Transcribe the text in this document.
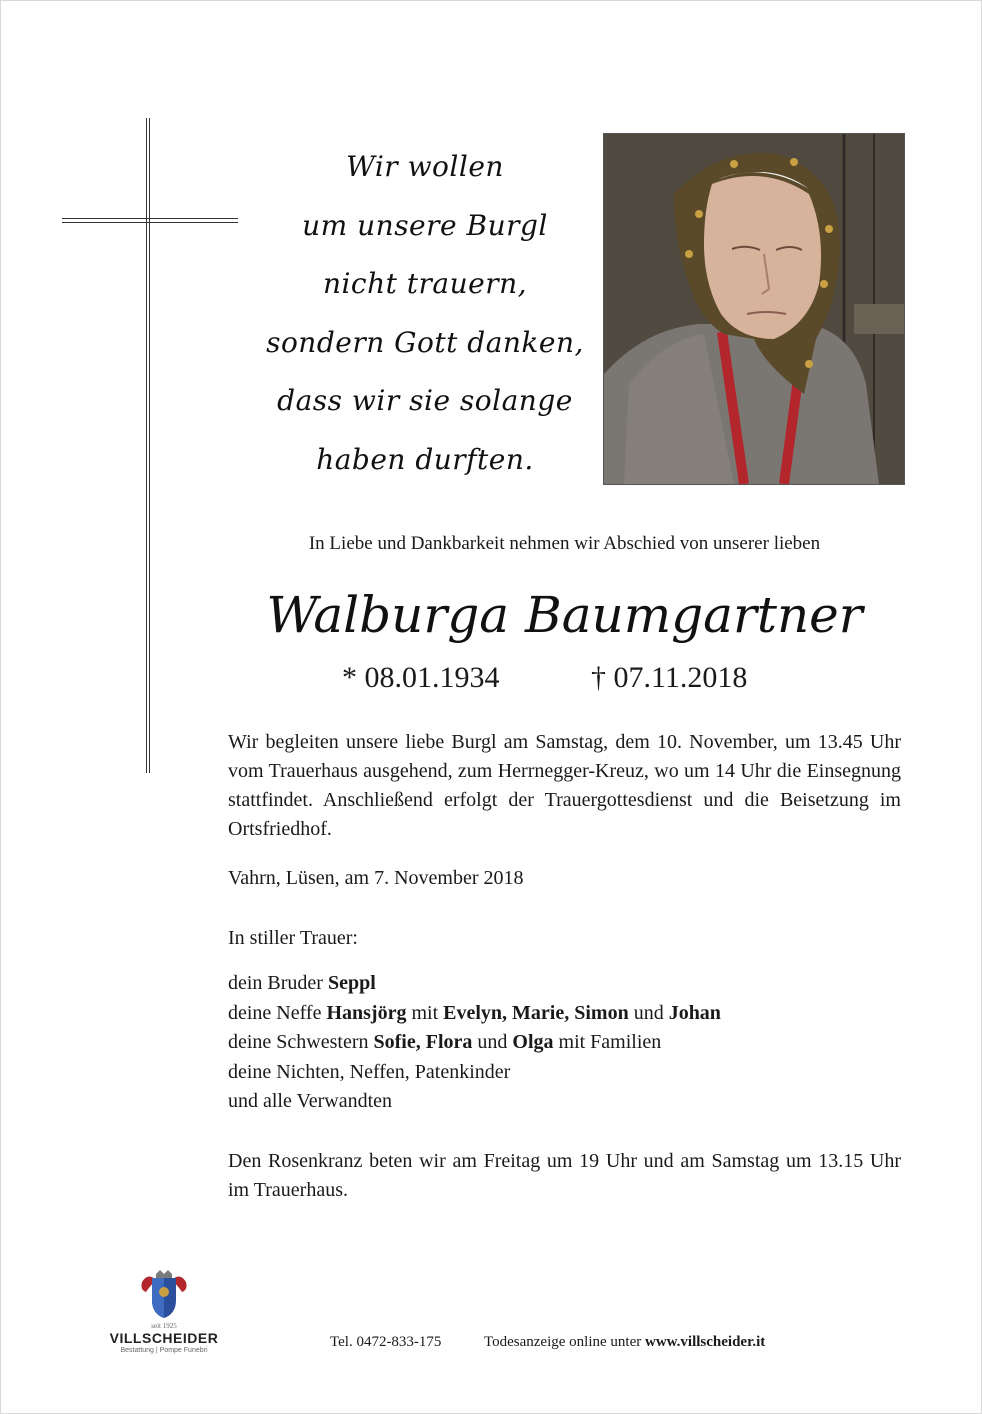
Wir wollen
um unsere Burgl
nicht trauern,
sondern Gott danken,
dass wir sie solange
haben durften.
In Liebe und Dankbarkeit nehmen wir Abschied von unserer lieben
Walburga Baumgartner
* 08.01.1934	† 07.11.2018
Wir begleiten unsere liebe Burgl am Samstag, dem 10. November, um 13.45 Uhr vom Trauerhaus ausgehend, zum Herrnegger-Kreuz, wo um 14 Uhr die Einsegnung stattfindet. Anschließend erfolgt der Trauergottesdienst und die Beisetzung im Ortsfriedhof.
Vahrn, Lüsen, am 7. November 2018
In stiller Trauer:
dein Bruder Seppl
deine Neffe Hansjörg mit Evelyn, Marie, Simon und Johan
deine Schwestern Sofie, Flora und Olga mit Familien
deine Nichten, Neffen, Patenkinder
und alle Verwandten
Den Rosenkranz beten wir am Freitag um 19 Uhr und am Samstag um 13.15 Uhr im Trauerhaus.
seit 1925
VILLSCHEIDER
Bestattung | Pompe Funebri
Tel. 0472-833-175	Todesanzeige online unter www.villscheider.it
